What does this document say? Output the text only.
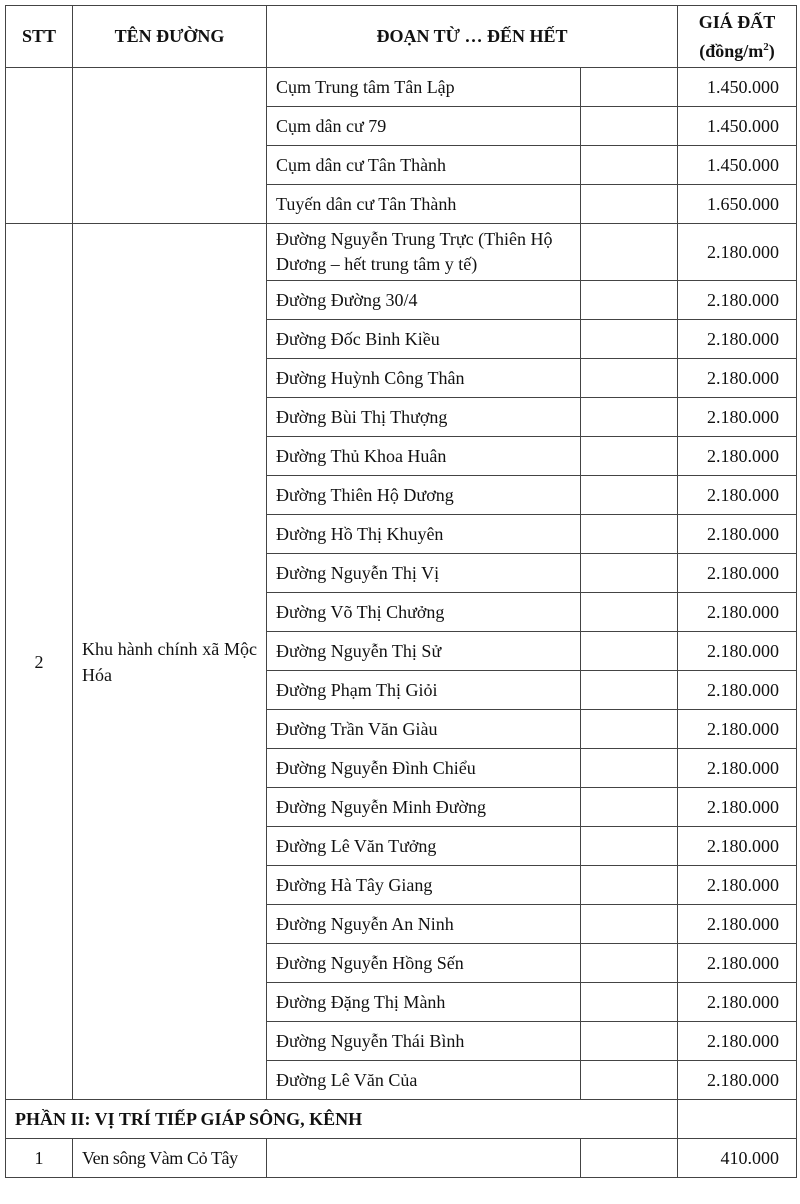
STT	TÊN ĐƯỜNG	ĐOẠN TỪ … ĐẾN HẾT		GIÁ ĐẤT
$(đồng/m^2)$
		Cụm Trung tâm Tân Lập		1.450.000
		Cụm dân cư 79		1.450.000
		Cụm dân cư Tân Thành		1.450.000
		Tuyến dân cư Tân Thành		1.650.000
2	Khu hành chính xã Mộc Hóa	Đường Nguyễn Trung Trực (Thiên Hộ Dương – hết trung tâm y tế)		2.180.000
		Đường Đường 30/4		2.180.000
		Đường Đốc Binh Kiều		2.180.000
		Đường Huỳnh Công Thân		2.180.000
		Đường Bùi Thị Thượng		2.180.000
		Đường Thủ Khoa Huân		2.180.000
		Đường Thiên Hộ Dương		2.180.000
		Đường Hồ Thị Khuyên		2.180.000
		Đường Nguyễn Thị Vị		2.180.000
		Đường Võ Thị Chưởng		2.180.000
		Đường Nguyễn Thị Sử		2.180.000
		Đường Phạm Thị Giỏi		2.180.000
		Đường Trần Văn Giàu		2.180.000
		Đường Nguyễn Đình Chiểu		2.180.000
		Đường Nguyễn Minh Đường		2.180.000
		Đường Lê Văn Tưởng		2.180.000
		Đường Hà Tây Giang		2.180.000
		Đường Nguyễn An Ninh		2.180.000
		Đường Nguyễn Hồng Sến		2.180.000
		Đường Đặng Thị Mành		2.180.000
		Đường Nguyễn Thái Bình		2.180.000
		Đường Lê Văn Của		2.180.000
PHẦN II: VỊ TRÍ TIẾP GIÁP SÔNG, KÊNH				
1	Ven sông Vàm Cỏ Tây			410.000
